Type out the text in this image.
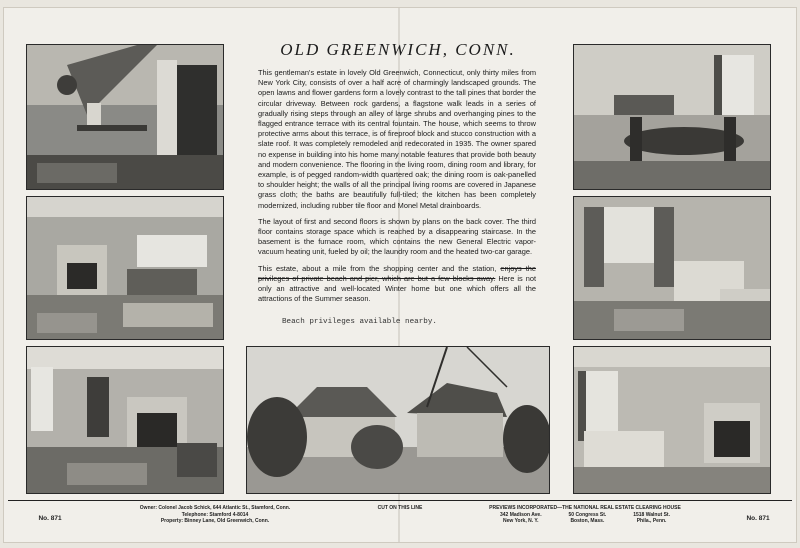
OLD GREENWICH, CONN.

This gentleman's estate in lovely Old Greenwich, Connecticut, only thirty miles from New York City, consists of over a half acre of charmingly landscaped grounds. The open lawns and flower gardens form a lovely contrast to the tall pines that border the circular driveway. Between rock gardens, a flagstone walk leads in a series of gradually rising steps through an alley of large shrubs and overhanging pines to the flagged entrance terrace with its central fountain. The house, which seems to throw protective arms about this terrace, is of fireproof block and stucco construction with a slate roof. It was completely remodeled and redecorated in 1935. The owner spared no expense in building into his home many notable features that provide both beauty and modern convenience. The flooring in the living room, dining room and library, for example, is of pegged random-width quartered oak; the dining room is oak-panelled to shoulder height; the walls of all the principal living rooms are covered in Japanese grass cloth; the baths are beautifully full-tiled; the kitchen has been completely modernized, including rubber tile floor and Monel Metal drainboards.

The layout of first and second floors is shown by plans on the back cover. The third floor contains storage space which is reached by a disappearing staircase. In the basement is the furnace room, which contains the new General Electric vapor-vacuum heating unit, fueled by oil; the laundry room and the heated two-car garage.

This estate, about a mile from the shopping center and the station, enjoys the privileges of private beach and pier, which are but a few blocks away. Here is not only an attractive and well-located Winter home but one which offers all the attractions of the Summer season.

Beach privileges available nearby.
No. 871
Owner: Colonel Jacob Schick, 644 Atlantic St., Stamford, Conn.
Telephone: Stamford 4-8014
Property: Binney Lane, Old Greenwich, Conn.
CUT ON THIS LINE	PREVIEWS INCORPORATED—THE NATIONAL REAL ESTATE CLEARING HOUSE
342 Madison Ave.
New York, N. Y.
50 Congress St.
Boston, Mass.
1518 Walnut St.
Phila., Penn.	No. 871
